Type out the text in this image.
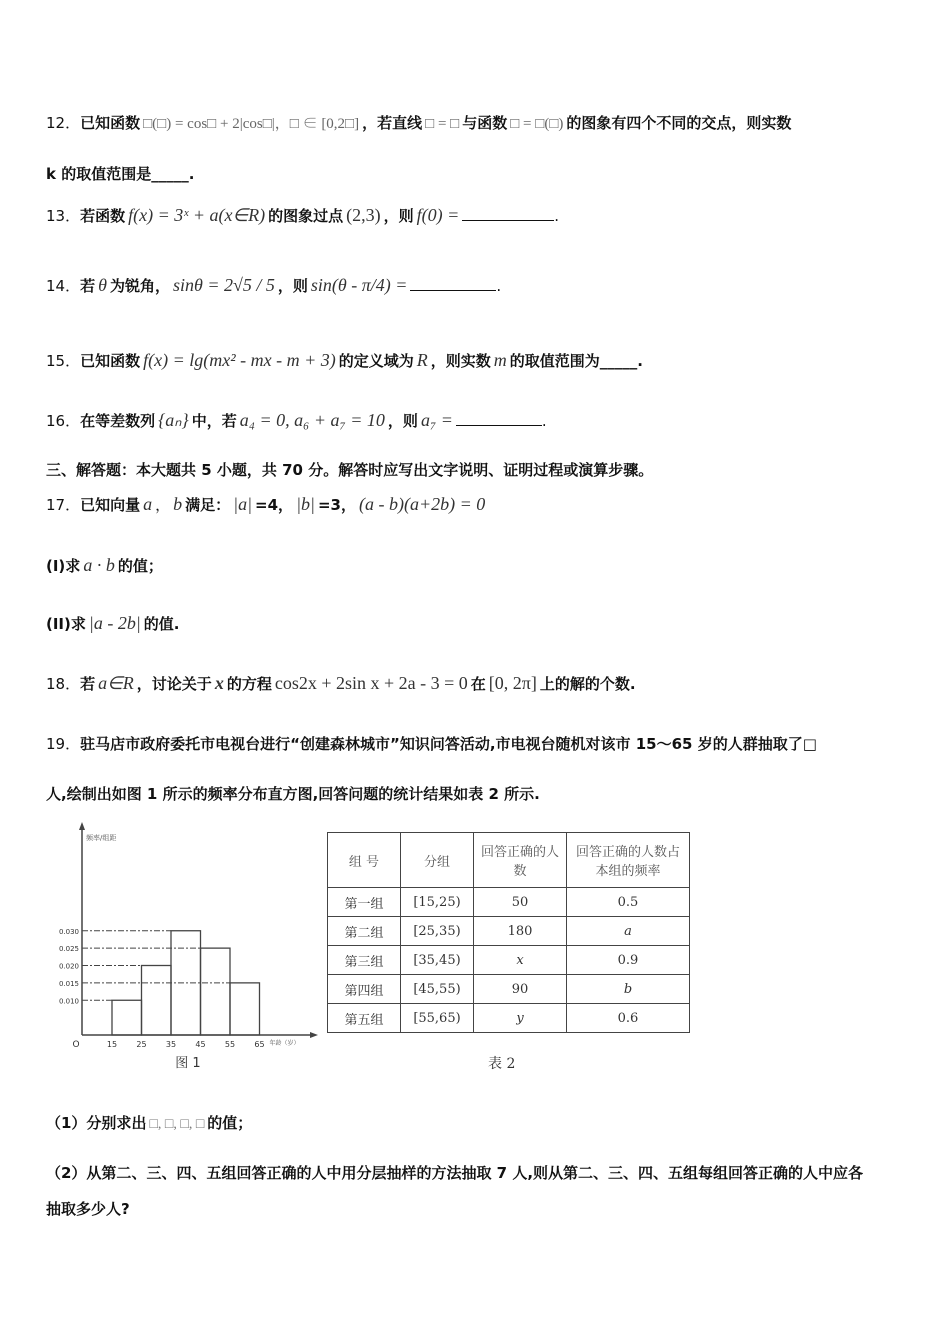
12． 已知函数 □(□) = cos□ + 2|cos□|，□ ∈ [0,2□] ，若直线 □ = □ 与函数 □ = □(□) 的图象有四个不同的交点，则实数
k 的取值范围是_____.
13． 若函数 f(x) = 3ˣ + a(x∈R) 的图象过点 (2,3) ，则 f(0) =	.
14． 若 θ 为锐角， sinθ = 2√5 / 5 ，则 sin(θ - π/4) =	.
15． 已知函数 f(x) = lg(mx² - mx - m + 3) 的定义域为 R ，则实数 m 的取值范围为_____.
16． 在等差数列 {aₙ} 中，若 a₄ = 0, a₆ + a₇ = 10 ，则 a₇ =	.
三、解答题：本大题共 5 小题，共 70 分。解答时应写出文字说明、证明过程或演算步骤。
17． 已知向量 a ， b 满足： |a| =4， |b| =3， (a - b)(a+2b) = 0
(I) 求 a · b 的值；
(II) 求 |a - 2b| 的值.
18． 若 a∈R ，讨论关于 x 的方程 cos2x + 2sin x + 2a - 3 = 0 在 [0, 2π] 上的解的个数.
19． 驻马店市政府委托市电视台进行“创建森林城市”知识问答活动,市电视台随机对该市 15～65 岁的人群抽取了□
人,绘制出如图 1 所示的频率分布直方图,回答问题的统计结果如表 2 所示.
频率/组距
O
0.010
0.020
0.030
0.025
0.015
15 25 35 45 55 65 年龄（岁）
图 1
组 号	分组	回答正确的人数	回答正确的人数占本组的频率
第一组	[15,25)	50	0.5
第二组	[25,35)	180	a
第三组	[35,45)	x	0.9
第四组	[45,55)	90	b
第五组	[55,65)	y	0.6
表 2
（1）分别求出 □, □, □, □ 的值；
（2）从第二、三、四、五组回答正确的人中用分层抽样的方法抽取 7 人,则从第二、三、四、五组每组回答正确的人中应各
抽取多少人?
